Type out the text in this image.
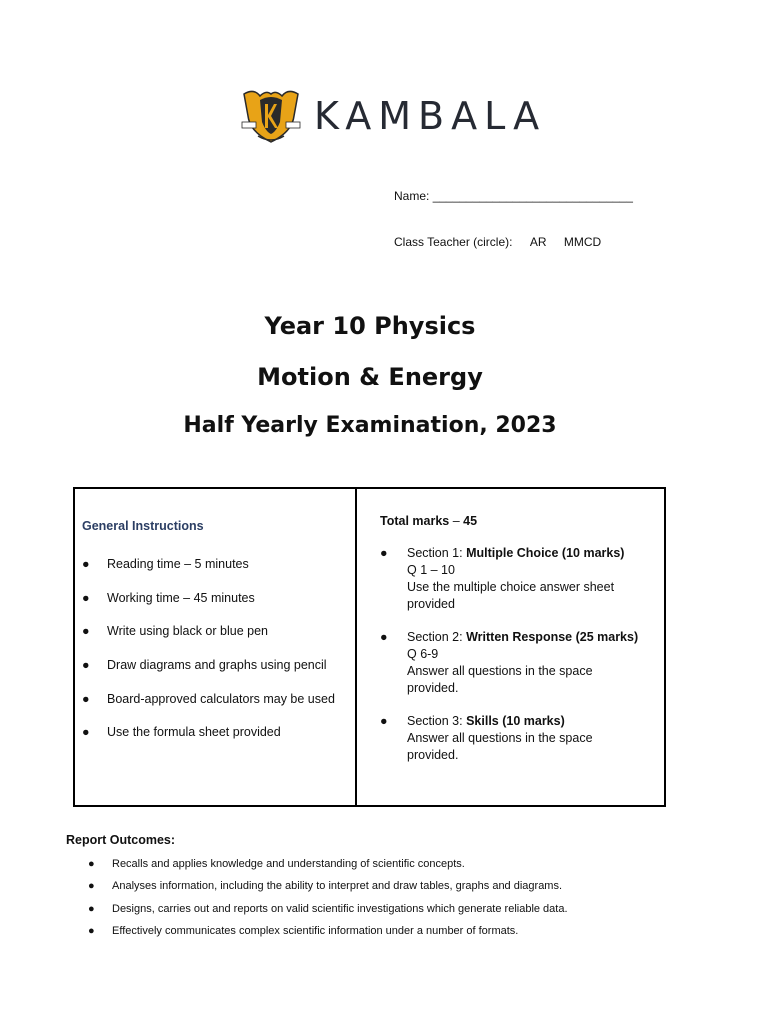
KAMBALA
Name: ______________________________
Class Teacher (circle): AR MMCD
Year 10 Physics
Motion & Energy
Half Yearly Examination, 2023
General Instructions
●	Reading time – 5 minutes
●	Working time – 45 minutes
●	Write using black or blue pen
●	Draw diagrams and graphs using pencil
●	Board-approved calculators may be used
●	Use the formula sheet provided
Total marks – 45
●	Section 1: Multiple Choice (10 marks)
Q 1 – 10
Use the multiple choice answer sheet
provided
●	Section 2: Written Response (25 marks)
Q 6-9
Answer all questions in the space
provided.
●	Section 3: Skills (10 marks)
Answer all questions in the space
provided.
Report Outcomes:
●	Recalls and applies knowledge and understanding of scientific concepts.
●	Analyses information, including the ability to interpret and draw tables, graphs and diagrams.
●	Designs, carries out and reports on valid scientific investigations which generate reliable data.
●	Effectively communicates complex scientific information under a number of formats.
